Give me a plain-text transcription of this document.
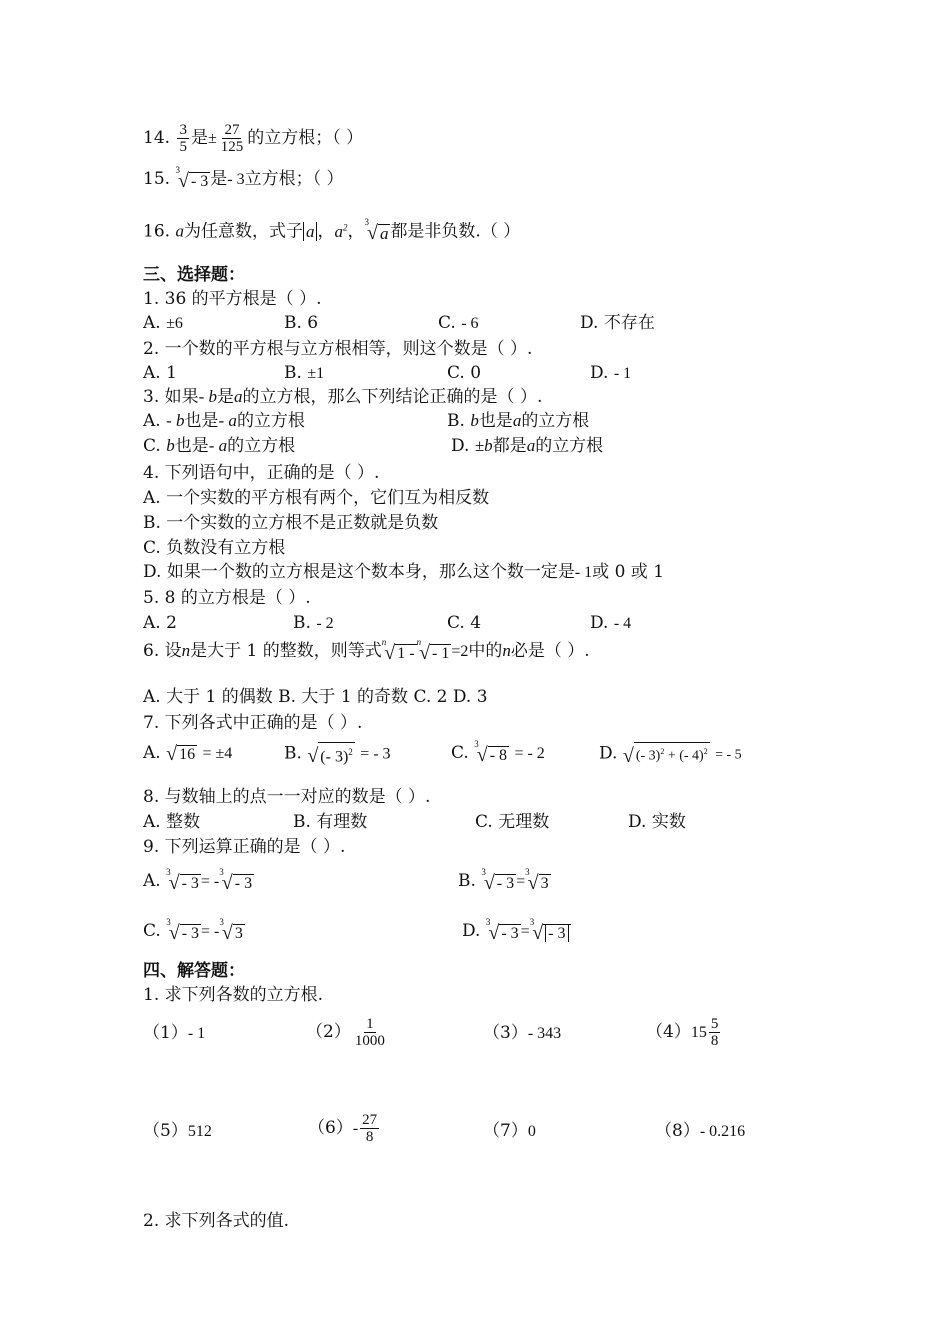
14. $\frac{3}{5}$ 是± $\frac{27}{125}$ 的立方根；（ ）
15. 3
√ - 3 是- 3立方根；（ ）
16. a为任意数，式子 a ，$a^2$， 3
√ a 都是非负数.（ ）
三、选择题：
1. 36 的平方根是（ ）.
A. ±6	B. 6	C. - 6	D. 不存在
2. 一个数的平方根与立方根相等，则这个数是（ ）.
A. 1	B. ±1	C. 0	D. - 1
3. 如果- b是a的立方根，那么下列结论正确的是（ ）.
A. - b也是- a的立方根	B. b也是a的立方根
C. b也是- a的立方根	D. ±b都是a的立方根
4. 下列语句中，正确的是（ ）.
A. 一个实数的平方根有两个，它们互为相反数
B. 一个实数的立方根不是正数就是负数
C. 负数没有立方根
D. 如果一个数的立方根是这个数本身，那么这个数一定是- 1或 0 或 1
5. 8 的立方根是（ ）.
A. 2	B. - 2	C. 4	D. - 4
6. 设n是大于 1 的整数，则等式 n
√ 1 -
n
√ - 1 =2中的n必是（ ）.
A. 大于 1 的偶数 B. 大于 1 的奇数 C. 2 D. 3
7. 下列各式中正确的是（ ）.
A. √ 16 = ±4	B. √ (- 3)$^2$ = - 3	C. 3
√ - 8 = - 2	D. √ (- 3)$^2$ + (- 4)$^2$ = - 5
8. 与数轴上的点一一对应的数是（ ）.
A. 整数	B. 有理数	C. 无理数	D. 实数
9. 下列运算正确的是（ ）.
A. 3
√ - 3 = -
3
√ - 3	B. 3
√ - 3 =
3
√ 3
C. 3
√ - 3 = -
3
√ 3	D. 3
√ - 3 =
3
√ - 3
四、解答题：
1. 求下列各数的立方根.
（1）- 1	$(2) \frac{1}{1000}$	（3）- 343	$(4)15 \frac{5}{8}$
（5）512	$(6)- \frac{27}{8}$	（7）0	（8）- 0.216
2. 求下列各式的值.
